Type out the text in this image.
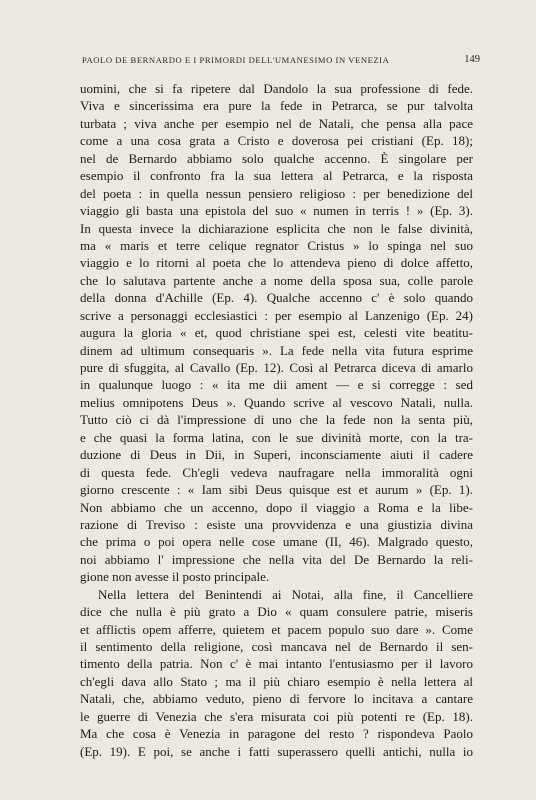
PAOLO DE BERNARDO E I PRIMORDI DELL'UMANESIMO IN VENEZIA	149
uomini, che si fa ripetere dal Dandolo la sua professione di fede.
Viva e sincerissima era pure la fede in Petrarca, se pur talvolta
turbata ; viva anche per esempio nel de Natali, che pensa alla pace
come a una cosa grata a Cristo e doverosa pei cristiani (Ep. 18);
nel de Bernardo abbiamo solo qualche accenno. È singolare per
esempio il confronto fra la sua lettera al Petrarca, e la risposta
del poeta : in quella nessun pensiero religioso : per benedizione del
viaggio gli basta una epistola del suo « numen in terris ! » (Ep. 3).
In questa invece la dichiarazione esplicita che non le false divinità,
ma « maris et terre celique regnator Cristus » lo spinga nel suo
viaggio e lo ritorni al poeta che lo attendeva pieno di dolce affetto,
che lo salutava partente anche a nome della sposa sua, colle parole
della donna d'Achille (Ep. 4). Qualche accenno c' è solo quando
scrive a personaggi ecclesiastici : per esempio al Lanzenigo (Ep. 24)
augura la gloria « et, quod christiane spei est, celesti vite beatitu-
dinem ad ultimum consequaris ». La fede nella vita futura esprime
pure di sfuggita, al Cavallo (Ep. 12). Così al Petrarca diceva di amarlo
in qualunque luogo : « ita me dii ament — e si corregge : sed
melius omnipotens Deus ». Quando scrive al vescovo Natali, nulla.
Tutto ciò ci dà l'impressione di uno che la fede non la senta più,
e che quasi la forma latina, con le sue divinità morte, con la tra-
duzione di Deus in Dii, in Superi, inconsciamente aiuti il cadere
di questa fede. Ch'egli vedeva naufragare nella immoralità ogni
giorno crescente : « Iam sibi Deus quisque est et aurum » (Ep. 1).
Non abbiamo che un accenno, dopo il viaggio a Roma e la libe-
razione di Treviso : esiste una provvidenza e una giustizia divina
che prima o poi opera nelle cose umane (II, 46). Malgrado questo,
noi abbiamo l' impressione che nella vita del De Bernardo la reli-
gione non avesse il posto principale.
Nella lettera del Benintendi ai Notai, alla fine, il Cancelliere
dice che nulla è più grato a Dio « quam consulere patrie, miseris
et afflictis opem afferre, quietem et pacem populo suo dare ». Come
il sentimento della religione, così mancava nel de Bernardo il sen-
timento della patria. Non c' è mai intanto l'entusiasmo per il lavoro
ch'egli dava allo Stato ; ma il più chiaro esempio è nella lettera al
Natali, che, abbiamo veduto, pieno di fervore lo incitava a cantare
le guerre di Venezia che s'era misurata coi più potenti re (Ep. 18).
Ma che cosa è Venezia in paragone del resto ? rispondeva Paolo
(Ep. 19). E poi, se anche i fatti superassero quelli antichi, nulla io
